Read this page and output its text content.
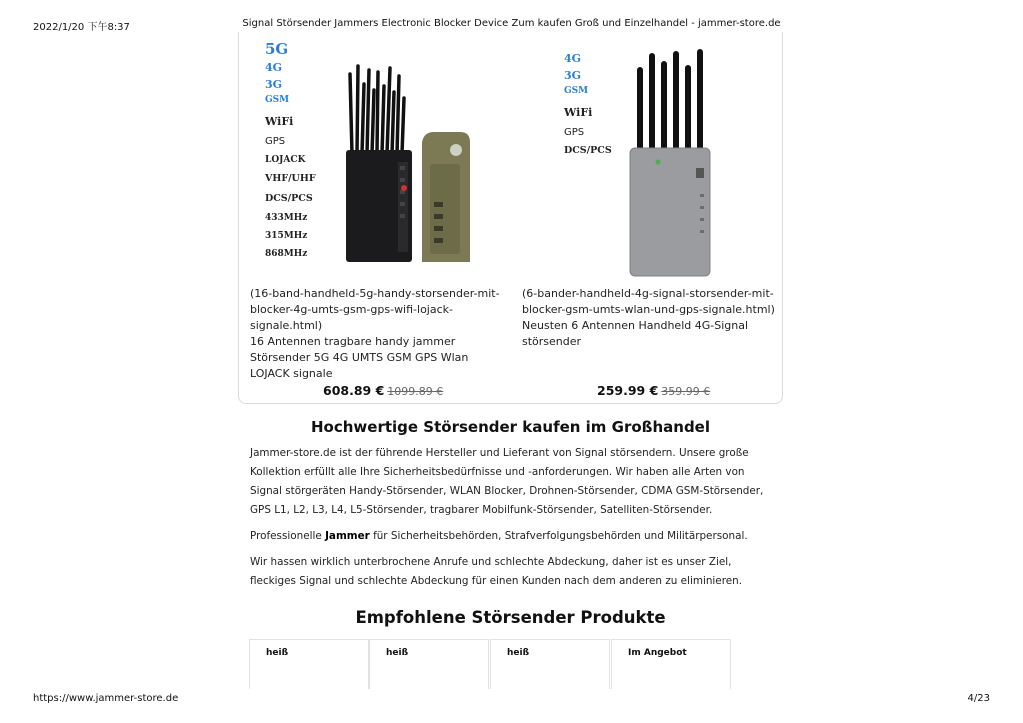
2022/1/20 下午8:37	Signal Störsender Jammers Electronic Blocker Device Zum kaufen Groß und Einzelhandel - jammer-store.de
5G
4G
3G
GSM
WiFi
GPS
LOJACK
VHF/UHF
DCS/PCS
433MHz
315MHz
868MHz
(16-band-handheld-5g-handy-storsender-mit-blocker-4g-umts-gsm-gps-wifi-lojack-signale.html)
16 Antennen tragbare handy jammer Störsender 5G 4G UMTS GSM GPS Wlan LOJACK signale
608.89 € 1099.89 €
4G
3G
GSM
WiFi
GPS
DCS/PCS
(6-bander-handheld-4g-signal-storsender-mit-blocker-gsm-umts-wlan-und-gps-signale.html)
Neusten 6 Antennen Handheld 4G-Signal störsender
259.99 € 359.99 €
Hochwertige Störsender kaufen im Großhandel

Jammer-store.de ist der führende Hersteller und Lieferant von Signal störsendern. Unsere große Kollektion erfüllt alle Ihre Sicherheitsbedürfnisse und -anforderungen. Wir haben alle Arten von Signal störgeräten Handy-Störsender, WLAN Blocker, Drohnen-Störsender, CDMA GSM-Störsender, GPS L1, L2, L3, L4, L5-Störsender, tragbarer Mobilfunk-Störsender, Satelliten-Störsender.

Professionelle Jammer für Sicherheitsbehörden, Strafverfolgungsbehörden und Militärpersonal.

Wir hassen wirklich unterbrochene Anrufe und schlechte Abdeckung, daher ist es unser Ziel, fleckiges Signal und schlechte Abdeckung für einen Kunden nach dem anderen zu eliminieren.

Empfohlene Störsender Produkte
heiß	heiß	heiß	Im Angebot
https://www.jammer-store.de	4/23
